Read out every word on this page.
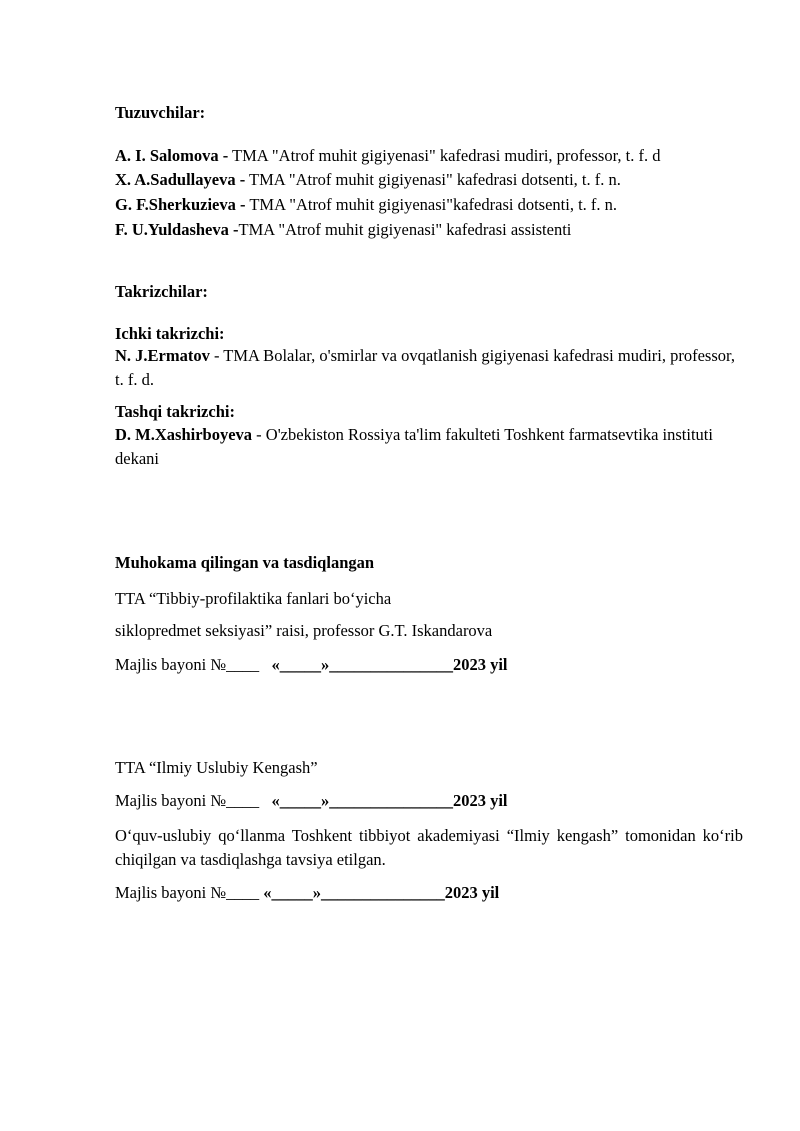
Tuzuvchilar:
A. I. Salomova - TMA "Atrof muhit gigiyenasi" kafedrasi mudiri, professor, t. f. d
X. A.Sadullayeva - TMA "Atrof muhit gigiyenasi" kafedrasi dotsenti, t. f. n.
G. F.Sherkuzieva - TMA "Atrof muhit gigiyenasi"kafedrasi dotsenti, t. f. n.
F. U.Yuldasheva -TMA "Atrof muhit gigiyenasi" kafedrasi assistenti
Takrizchilar:
Ichki takrizchi:
N. J.Ermatov - TMA Bolalar, o'smirlar va ovqatlanish gigiyenasi kafedrasi mudiri, professor, t. f. d.
Tashqi takrizchi:
D. M.Xashirboyeva - O'zbekiston Rossiya ta'lim fakulteti Toshkent farmatsevtika instituti dekani
Muhokama qilingan va tasdiqlangan
TTA “Tibbiy-profilaktika fanlari bo‘yicha
siklopredmet seksiyasi” raisi, professor G.T. Iskandarova
Majlis bayoni №____ «_____»_______________2023 yil
TTA “Ilmiy Uslubiy Kengash”
Majlis bayoni №____ «_____»_______________2023 yil
O‘quv-uslubiy qo‘llanma Toshkent tibbiyot akademiyasi “Ilmiy kengash” tomonidan ko‘rib chiqilgan va tasdiqlashga tavsiya etilgan.
Majlis bayoni №____ «_____»_______________2023 yil
